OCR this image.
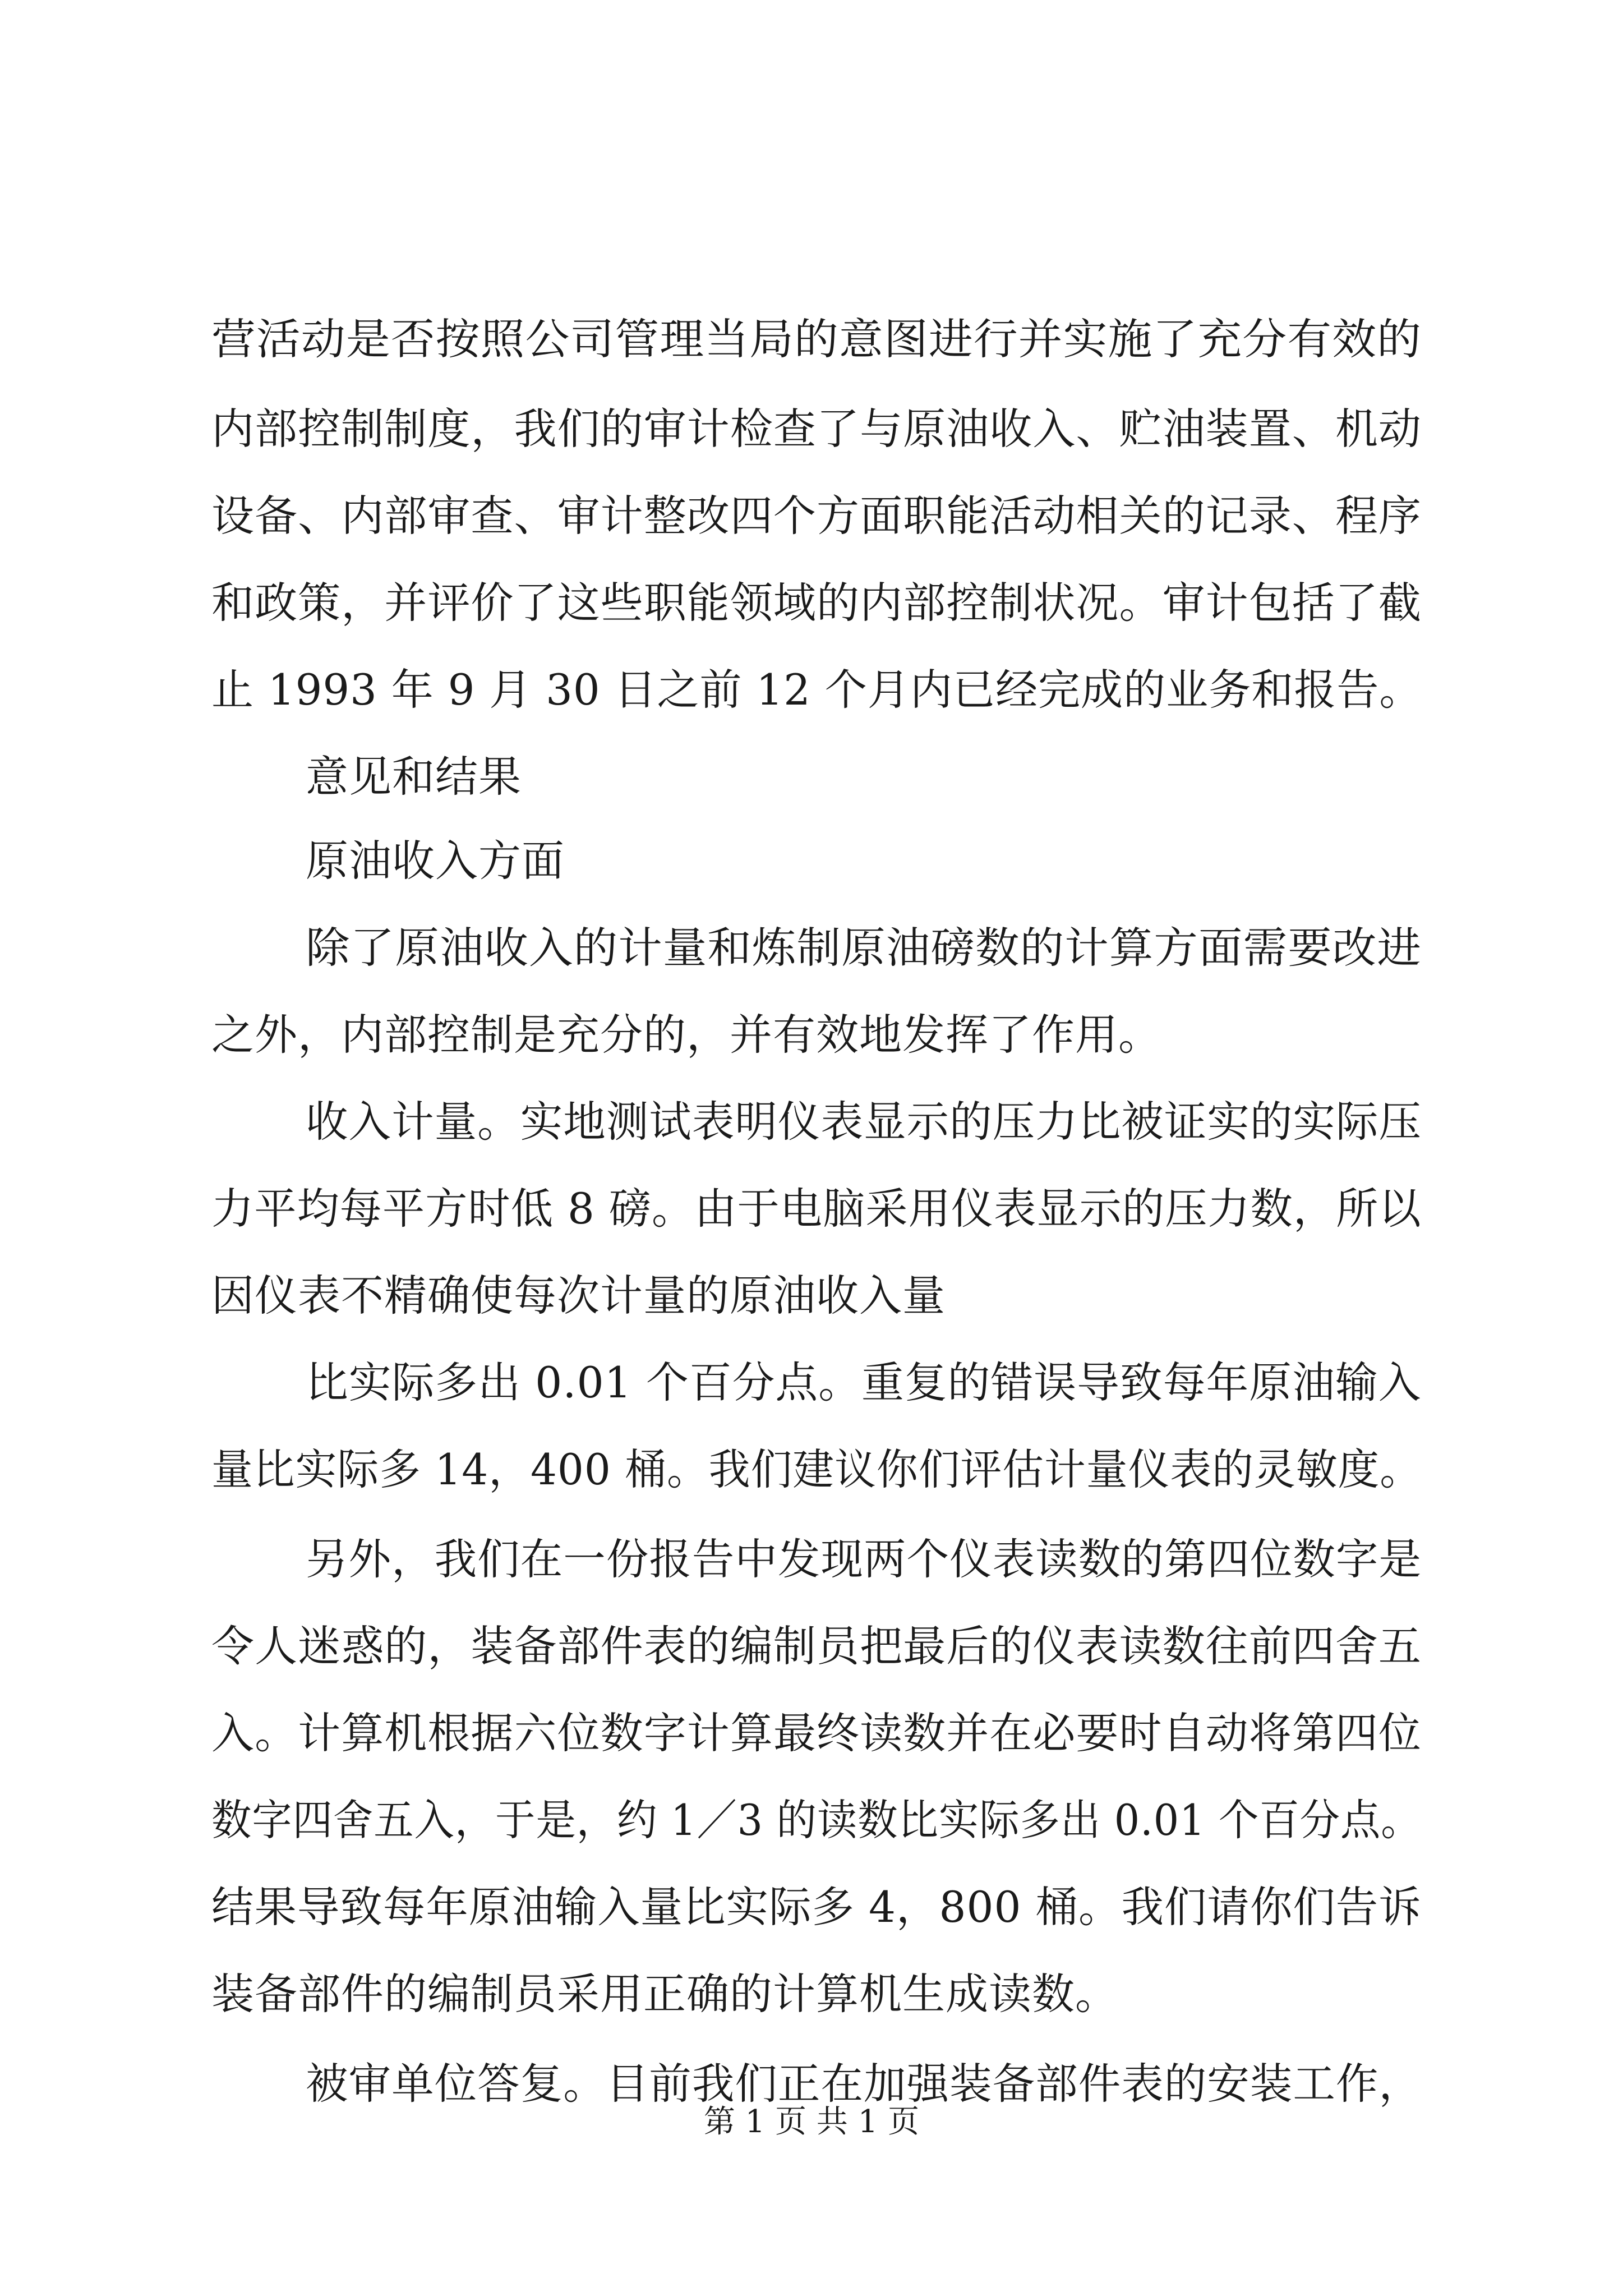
营活动是否按照公司管理当局的意图进行并实施了充分有效的
内部控制制度，我们的审计检查了与原油收入、贮油装置、机动
设备、内部审查、审计整改四个方面职能活动相关的记录、程序
和政策，并评价了这些职能领域的内部控制状况。审计包括了截
止 1993 年 9 月 30 日之前 12 个月内已经完成的业务和报告。
意见和结果
原油收入方面
除了原油收入的计量和炼制原油磅数的计算方面需要改进
之外，内部控制是充分的，并有效地发挥了作用。
收入计量。实地测试表明仪表显示的压力比被证实的实际压
力平均每平方时低 8 磅。由于电脑采用仪表显示的压力数，所以
因仪表不精确使每次计量的原油收入量
比实际多出 0.01 个百分点。重复的错误导致每年原油输入
量比实际多 14，400 桶。我们建议你们评估计量仪表的灵敏度。
另外，我们在一份报告中发现两个仪表读数的第四位数字是
令人迷惑的，装备部件表的编制员把最后的仪表读数往前四舍五
入。计算机根据六位数字计算最终读数并在必要时自动将第四位
数字四舍五入，于是，约 1／3 的读数比实际多出 0.01 个百分点。
结果导致每年原油输入量比实际多 4，800 桶。我们请你们告诉
装备部件的编制员采用正确的计算机生成读数。
被审单位答复。目前我们正在加强装备部件表的安装工作，
第 1 页 共 1 页
